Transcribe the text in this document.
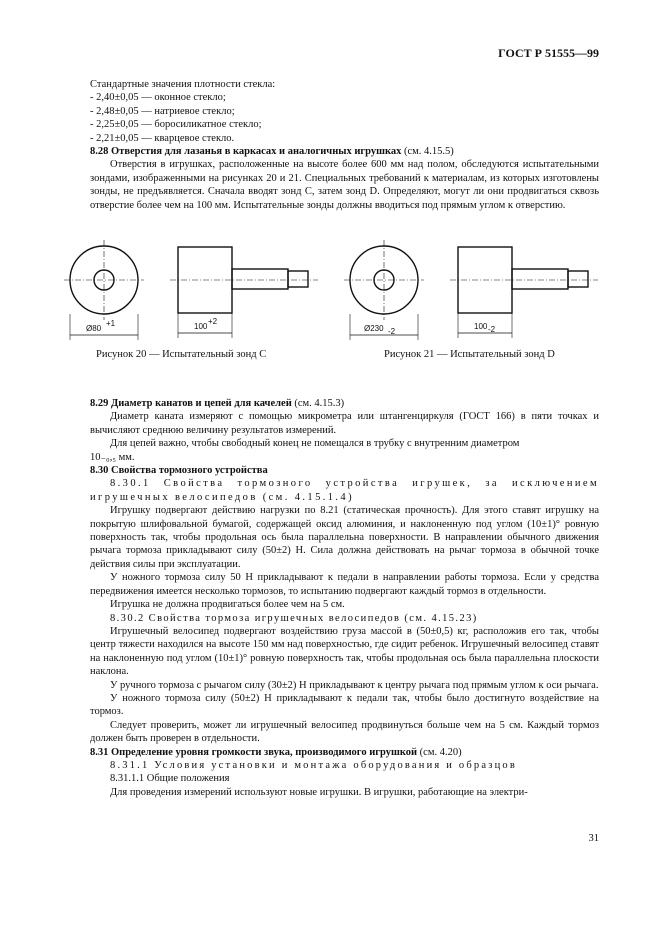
ГОСТ Р 51555—99

Стандартные значения плотности стекла:

- 2,40±0,05 — оконное стекло;

- 2,48±0,05 — натриевое стекло;

- 2,25±0,05 — боросиликатное стекло;

- 2,21±0,05 — кварцевое стекло.

8.28 Отверстия для лазанья в каркасах и аналогичных игрушках (см. 4.15.5)

Отверстия в игрушках, расположенные на высоте более 600 мм над полом, обследуются испытательными зондами, изображенными на рисунках 20 и 21. Специальных требований к материалам, из которых изготовлены зонды, не предъявляется. Сначала вводят зонд C, затем зонд D. Определяют, могут ли они продвигаться сквозь отверстие более чем на 100 мм. Испытательные зонды должны вводиться под прямым углом к отверстию.

Ø80
+1	100
+2
Ø230 -2
100 -2
Рисунок 20 — Испытательный зонд C	Рисунок 21 — Испытательный зонд D

8.29 Диаметр канатов и цепей для качелей (см. 4.15.3)

Диаметр каната измеряют с помощью микрометра или штангенциркуля (ГОСТ 166) в пяти точках и вычисляют среднюю величину результатов измерений.

Для цепей важно, чтобы свободный конец не помещался в трубку с внутренним диаметром

10₋₀,₅ мм.

8.30 Свойства тормозного устройства

8.30.1 Свойства тормозного устройства игрушек, за исключением игрушечных велосипедов (см. 4.15.1.4)

Игрушку подвергают действию нагрузки по 8.21 (статическая прочность). Для этого ставят игрушку на покрытую шлифовальной бумагой, содержащей оксид алюминия, и наклоненную под углом (10±1)° ровную поверхность так, чтобы продольная ось была параллельна поверхности. В направлении обычного движения рычага тормоза прикладывают силу (50±2) Н. Сила должна действовать на рычаг тормоза в обычной точке действия силы при эксплуатации.

У ножного тормоза силу 50 Н прикладывают к педали в направлении работы тормоза. Если у средства передвижения имеется несколько тормозов, то испытанию подвергают каждый тормоз в отдельности.

Игрушка не должна продвигаться более чем на 5 см.

8.30.2 Свойства тормоза игрушечных велосипедов (см. 4.15.23)

Игрушечный велосипед подвергают воздействию груза массой в (50±0,5) кг, расположив его так, чтобы центр тяжести находился на высоте 150 мм над поверхностью, где сидит ребенок. Игрушечный велосипед ставят на наклоненную под углом (10±1)° ровную поверхность так, чтобы продольная ось была параллельна плоскости наклона.

У ручного тормоза с рычагом силу (30±2) Н прикладывают к центру рычага под прямым углом к оси рычага.

У ножного тормоза силу (50±2) Н прикладывают к педали так, чтобы было достигнуто воздействие на тормоз.

Следует проверить, может ли игрушечный велосипед продвинуться больше чем на 5 см. Каждый тормоз должен быть проверен в отдельности.

8.31 Определение уровня громкости звука, производимого игрушкой (см. 4.20)

8.31.1 Условия установки и монтажа оборудования и образцов

8.31.1.1 Общие положения

Для проведения измерений используют новые игрушки. В игрушки, работающие на электри-

31
